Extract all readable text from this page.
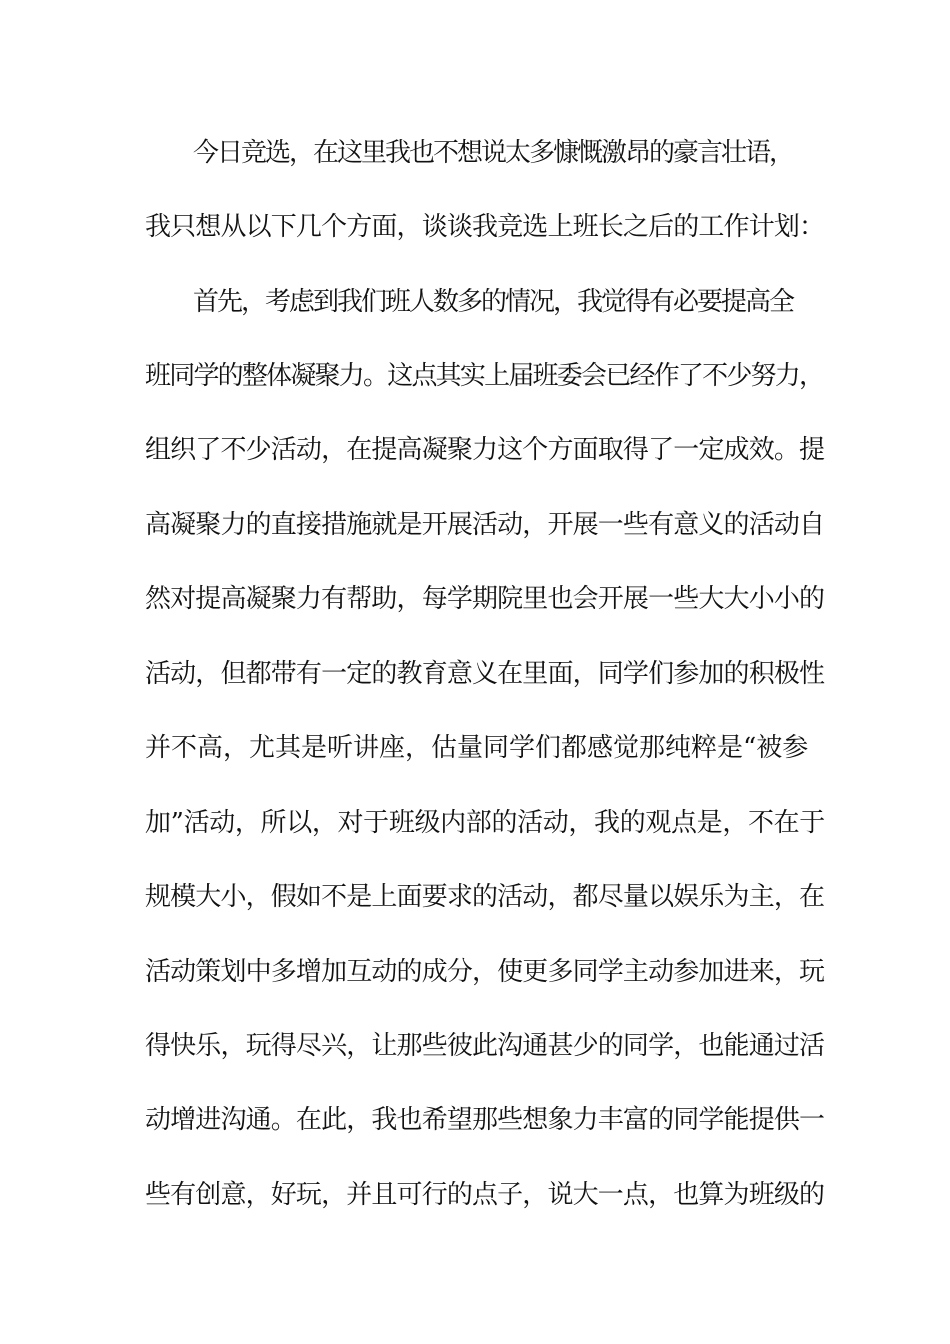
今日竞选，在这里我也不想说太多慷慨激昂的豪言壮语，
我只想从以下几个方面，谈谈我竞选上班长之后的工作计划：
首先，考虑到我们班人数多的情况，我觉得有必要提高全
班同学的整体凝聚力。这点其实上届班委会已经作了不少努力，
组织了不少活动，在提高凝聚力这个方面取得了一定成效。提
高凝聚力的直接措施就是开展活动，开展一些有意义的活动自
然对提高凝聚力有帮助，每学期院里也会开展一些大大小小的
活动，但都带有一定的教育意义在里面，同学们参加的积极性
并不高，尤其是听讲座，估量同学们都感觉那纯粹是“被参
加”活动，所以，对于班级内部的活动，我的观点是，不在于
规模大小，假如不是上面要求的活动，都尽量以娱乐为主，在
活动策划中多增加互动的成分，使更多同学主动参加进来，玩
得快乐，玩得尽兴，让那些彼此沟通甚少的同学，也能通过活
动增进沟通。在此，我也希望那些想象力丰富的同学能提供一
些有创意，好玩，并且可行的点子，说大一点，也算为班级的
